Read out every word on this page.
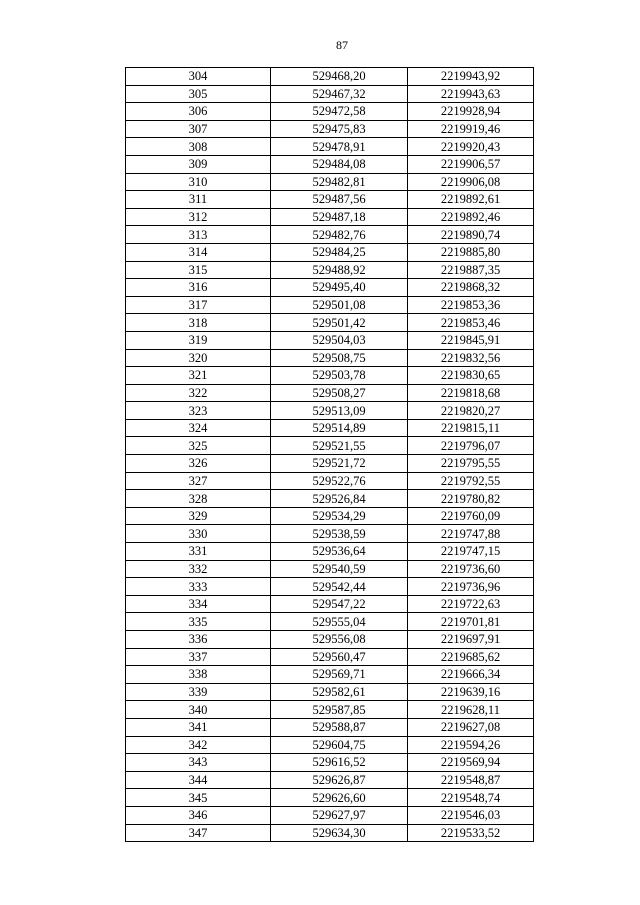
87
304	529468,20	2219943,92
305	529467,32	2219943,63
306	529472,58	2219928,94
307	529475,83	2219919,46
308	529478,91	2219920,43
309	529484,08	2219906,57
310	529482,81	2219906,08
311	529487,56	2219892,61
312	529487,18	2219892,46
313	529482,76	2219890,74
314	529484,25	2219885,80
315	529488,92	2219887,35
316	529495,40	2219868,32
317	529501,08	2219853,36
318	529501,42	2219853,46
319	529504,03	2219845,91
320	529508,75	2219832,56
321	529503,78	2219830,65
322	529508,27	2219818,68
323	529513,09	2219820,27
324	529514,89	2219815,11
325	529521,55	2219796,07
326	529521,72	2219795,55
327	529522,76	2219792,55
328	529526,84	2219780,82
329	529534,29	2219760,09
330	529538,59	2219747,88
331	529536,64	2219747,15
332	529540,59	2219736,60
333	529542,44	2219736,96
334	529547,22	2219722,63
335	529555,04	2219701,81
336	529556,08	2219697,91
337	529560,47	2219685,62
338	529569,71	2219666,34
339	529582,61	2219639,16
340	529587,85	2219628,11
341	529588,87	2219627,08
342	529604,75	2219594,26
343	529616,52	2219569,94
344	529626,87	2219548,87
345	529626,60	2219548,74
346	529627,97	2219546,03
347	529634,30	2219533,52
